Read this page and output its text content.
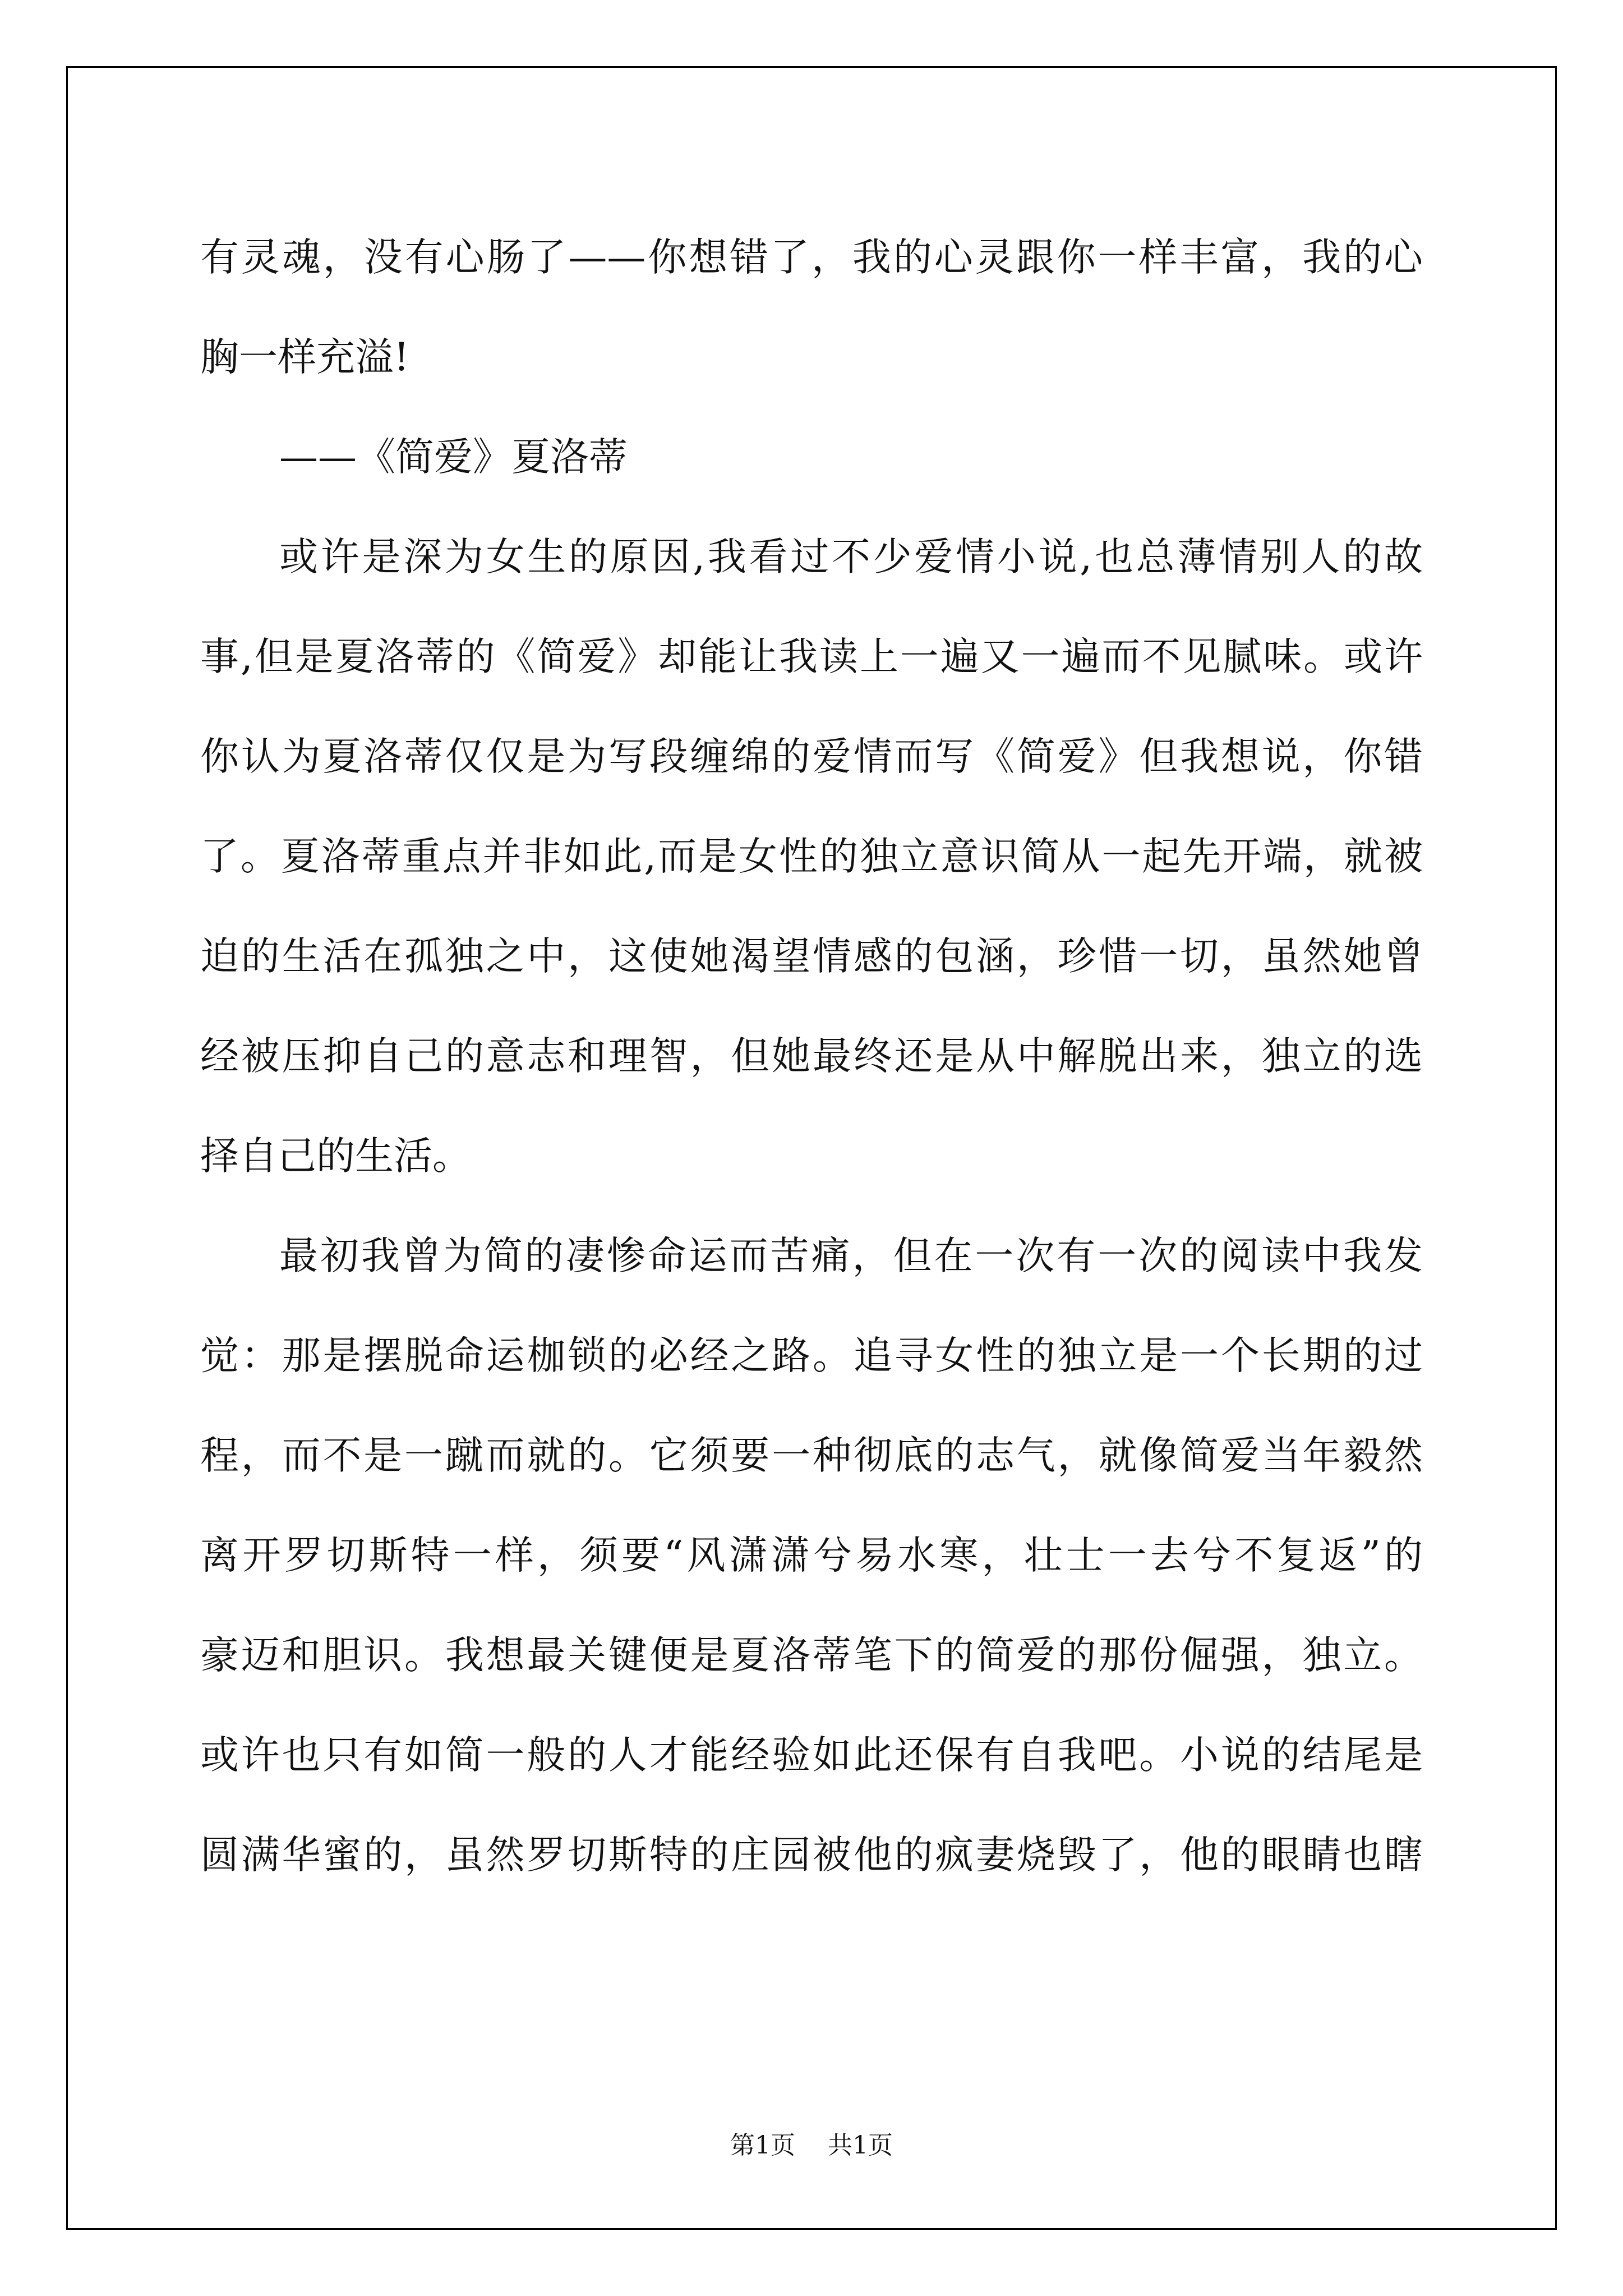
有灵魂，没有心肠了——你想错了，我的心灵跟你一样丰富，我的心
胸一样充溢!
——《简爱》夏洛蒂
或许是深为女生的原因,我看过不少爱情小说,也总薄情别人的故
事,但是夏洛蒂的《简爱》却能让我读上一遍又一遍而不见腻味。或许
你认为夏洛蒂仅仅是为写段缠绵的爱情而写《简爱》但我想说，你错
了。夏洛蒂重点并非如此,而是女性的独立意识简从一起先开端，就被
迫的生活在孤独之中，这使她渴望情感的包涵，珍惜一切，虽然她曾
经被压抑自己的意志和理智，但她最终还是从中解脱出来，独立的选
择自己的生活。
最初我曾为简的凄惨命运而苦痛，但在一次有一次的阅读中我发
觉：那是摆脱命运枷锁的必经之路。追寻女性的独立是一个长期的过
程，而不是一蹴而就的。它须要一种彻底的志气，就像简爱当年毅然
离开罗切斯特一样，须要“风潇潇兮易水寒，壮士一去兮不复返”的
豪迈和胆识。我想最关键便是夏洛蒂笔下的简爱的那份倔强，独立。
或许也只有如简一般的人才能经验如此还保有自我吧。小说的结尾是
圆满华蜜的，虽然罗切斯特的庄园被他的疯妻烧毁了，他的眼睛也瞎
第1页 共1页
